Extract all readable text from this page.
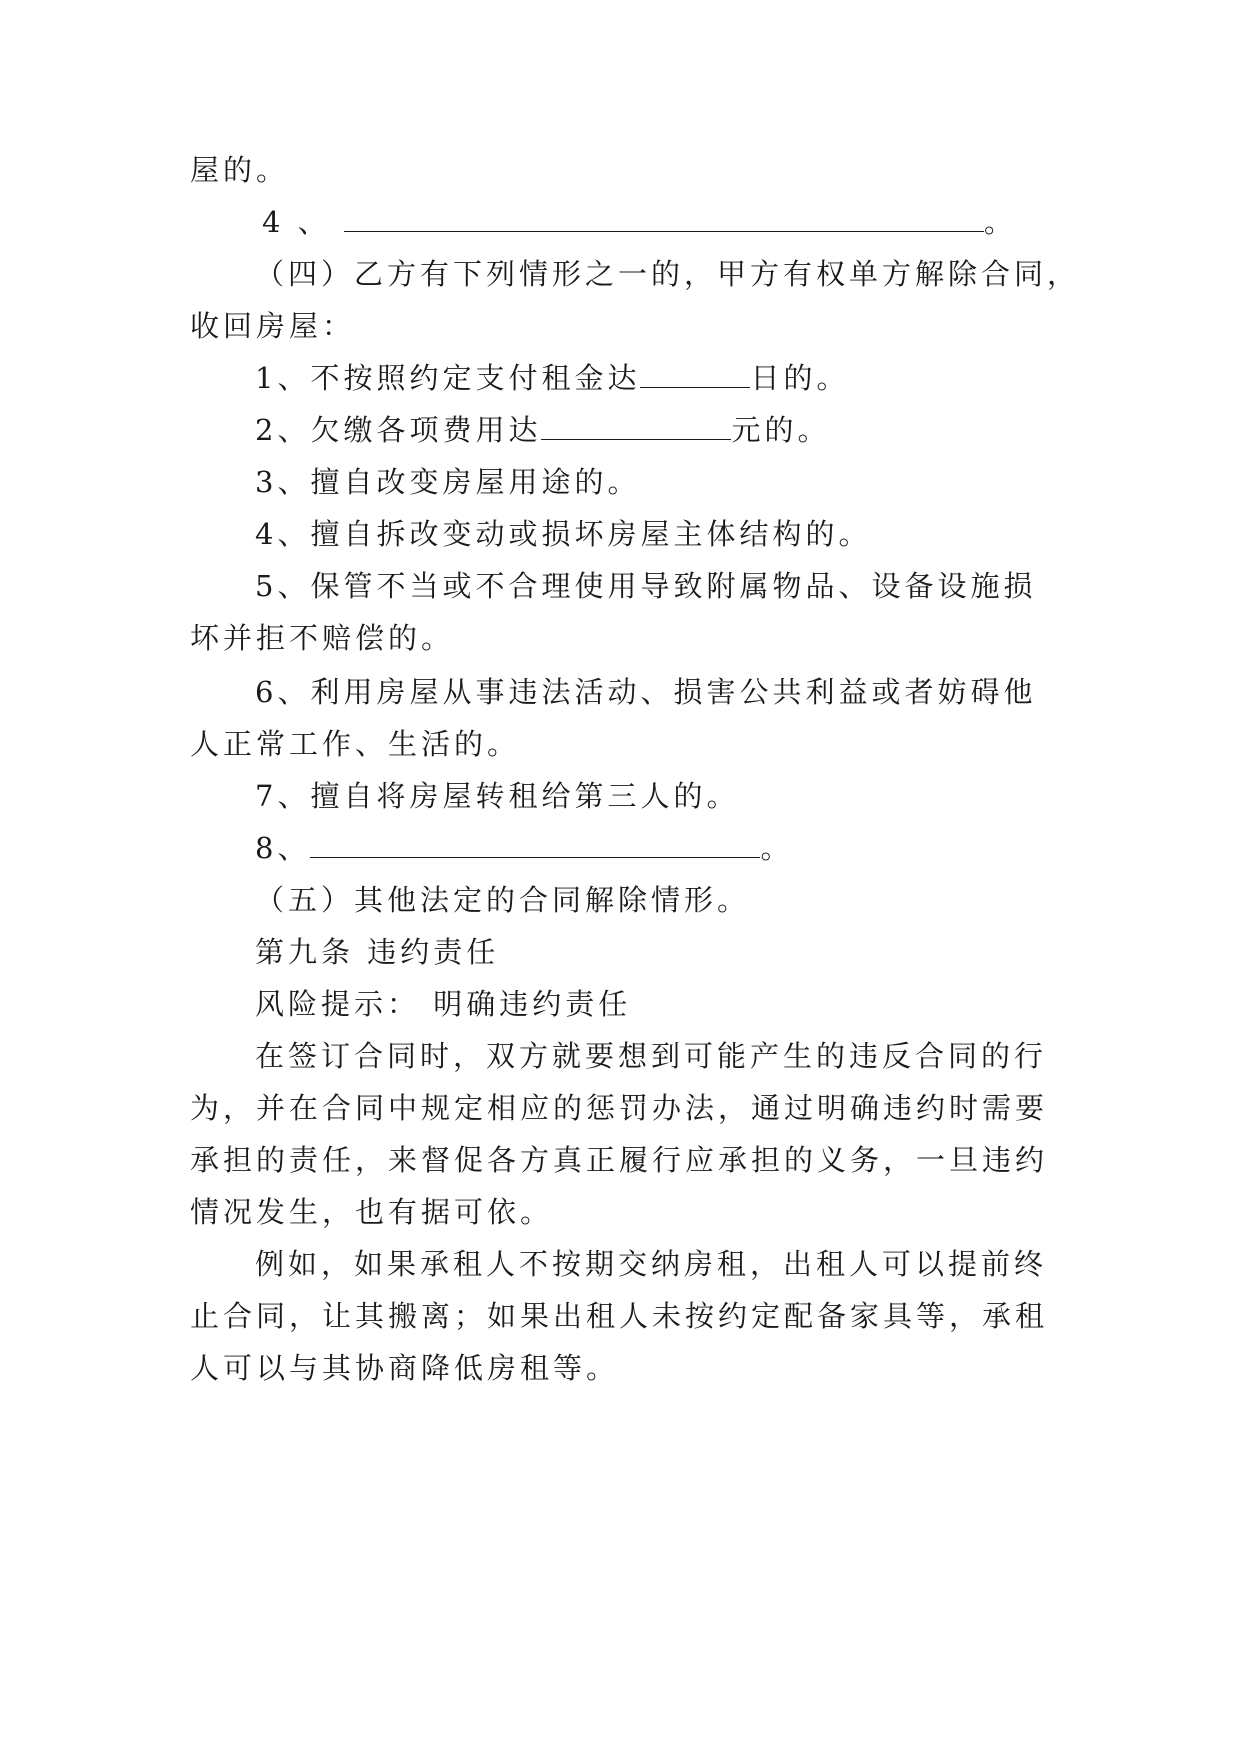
屋的。
4 、	。
（四）乙方有下列情形之一的，甲方有权单方解除合同，
收回房屋：
1、不按照约定支付租金达	日的。
2、欠缴各项费用达	元的。
3、擅自改变房屋用途的。
4、擅自拆改变动或损坏房屋主体结构的。
5、保管不当或不合理使用导致附属物品、设备设施损
坏并拒不赔偿的。
6、利用房屋从事违法活动、损害公共利益或者妨碍他
人正常工作、生活的。
7、擅自将房屋转租给第三人的。
8、	。
（五）其他法定的合同解除情形。
第九条 违约责任
风险提示： 明确违约责任
在签订合同时，双方就要想到可能产生的违反合同的行
为，并在合同中规定相应的惩罚办法，通过明确违约时需要
承担的责任，来督促各方真正履行应承担的义务，一旦违约
情况发生，也有据可依。
例如，如果承租人不按期交纳房租，出租人可以提前终
止合同，让其搬离；如果出租人未按约定配备家具等，承租
人可以与其协商降低房租等。
